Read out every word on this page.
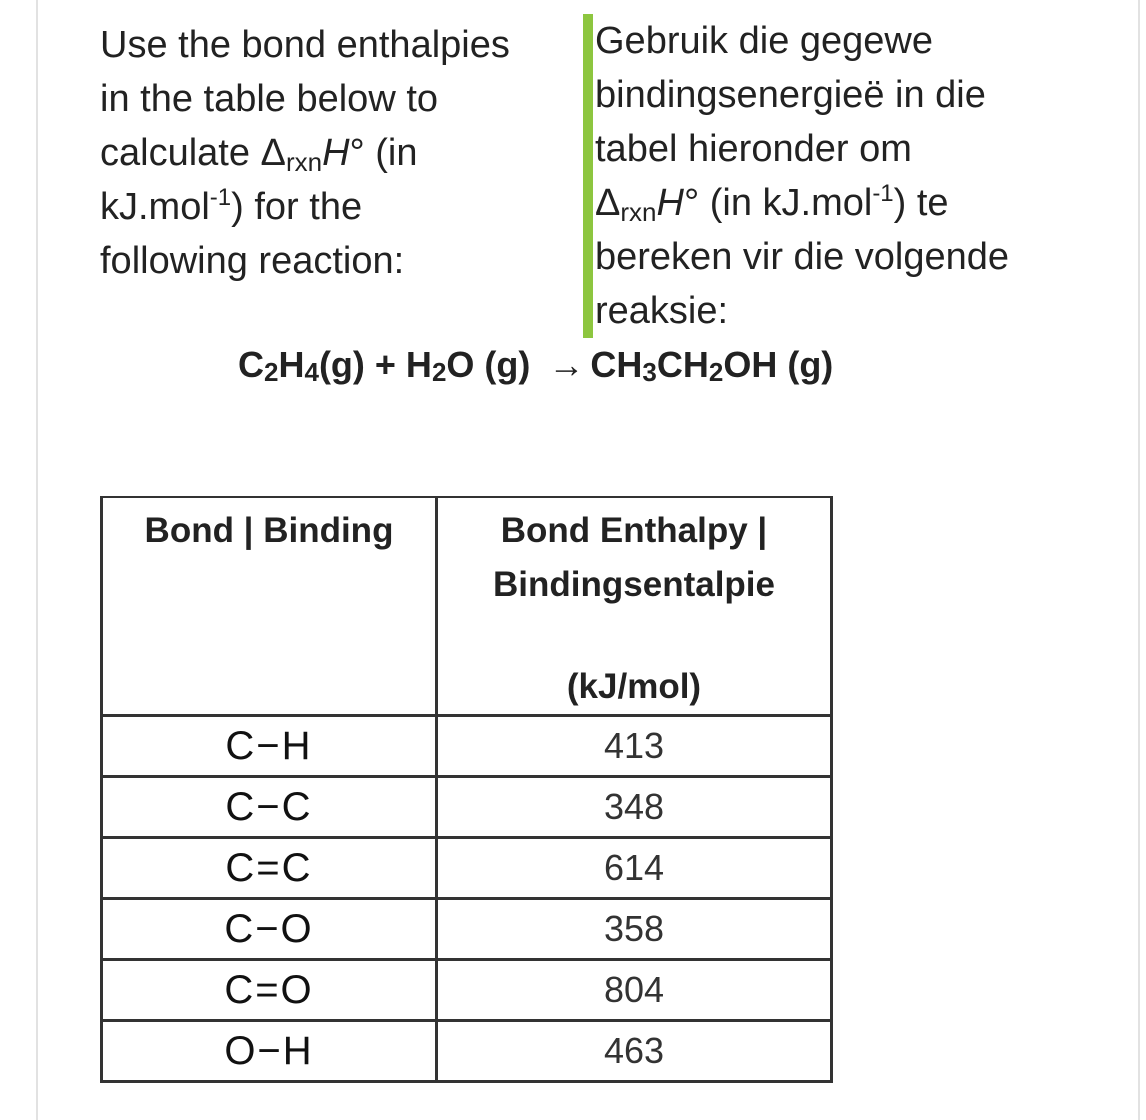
Use the bond enthalpies

in the table below to

calculate $\Delta_{rxn}H^\circ$ (in

kJ.mol$^{-1}$) for the

following reaction:

Gebruik die gegewe

bindingsenergieë in die

tabel hieronder om

$\Delta_{rxn}H^\circ$ (in kJ.mol$^{-1}$) te

bereken vir die volgende

reaksie:

$C_2H_4(g) + H_2O$ $(g) \to CH_3CH_2OH$ (g)
Bond | Binding	Bond Enthalpy |
Bindingsentalpie
(kJ/mol)

C−H	413
C−C	348
C=C	614
C−O	358
C=O	804
O−H	463
